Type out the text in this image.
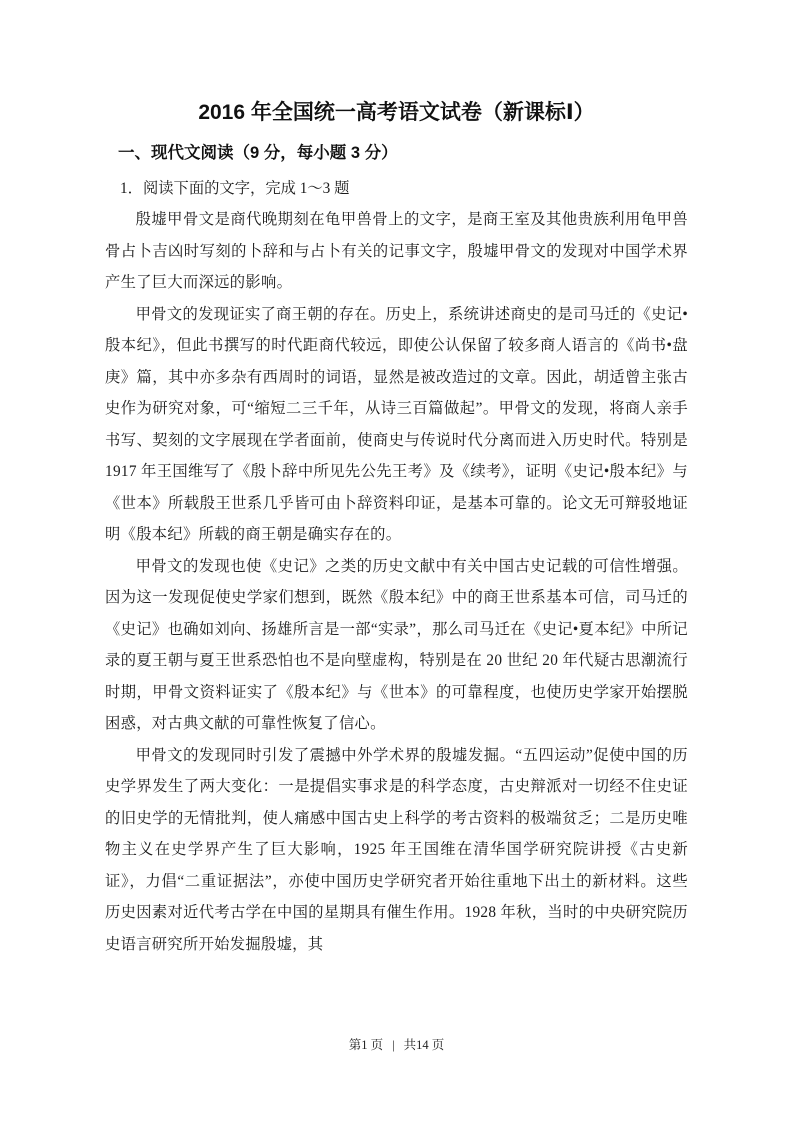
2016 年全国统一高考语文试卷（新课标Ⅰ）
一、现代文阅读（9 分，每小题 3 分）
1．阅读下面的文字，完成 1～3 题

殷墟甲骨文是商代晚期刻在龟甲兽骨上的文字，是商王室及其他贵族利用龟甲兽骨占卜吉凶时写刻的卜辞和与占卜有关的记事文字，殷墟甲骨文的发现对中国学术界产生了巨大而深远的影响。

甲骨文的发现证实了商王朝的存在。历史上，系统讲述商史的是司马迁的《史记•殷本纪》，但此书撰写的时代距商代较远，即使公认保留了较多商人语言的《尚书•盘庚》篇，其中亦多杂有西周时的词语，显然是被改造过的文章。因此，胡适曾主张古史作为研究对象，可“缩短二三千年，从诗三百篇做起”。甲骨文的发现，将商人亲手书写、契刻的文字展现在学者面前，使商史与传说时代分离而进入历史时代。特别是 1917 年王国维写了《殷卜辞中所见先公先王考》及《续考》，证明《史记•殷本纪》与《世本》所载殷王世系几乎皆可由卜辞资料印证，是基本可靠的。论文无可辩驳地证明《殷本纪》所载的商王朝是确实存在的。

甲骨文的发现也使《史记》之类的历史文献中有关中国古史记载的可信性增强。因为这一发现促使史学家们想到，既然《殷本纪》中的商王世系基本可信，司马迁的《史记》也确如刘向、扬雄所言是一部“实录”，那么司马迁在《史记•夏本纪》中所记录的夏王朝与夏王世系恐怕也不是向壁虚构，特别是在 20 世纪 20 年代疑古思潮流行时期，甲骨文资料证实了《殷本纪》与《世本》的可靠程度，也使历史学家开始摆脱困惑，对古典文献的可靠性恢复了信心。

甲骨文的发现同时引发了震撼中外学术界的殷墟发掘。“五四运动”促使中国的历史学界发生了两大变化：一是提倡实事求是的科学态度，古史辩派对一切经不住史证的旧史学的无情批判，使人痛感中国古史上科学的考古资料的极端贫乏；二是历史唯物主义在史学界产生了巨大影响，1925 年王国维在清华国学研究院讲授《古史新证》，力倡“二重证据法”，亦使中国历史学研究者开始往重地下出土的新材料。这些历史因素对近代考古学在中国的星期具有催生作用。1928 年秋，当时的中央研究院历史语言研究所开始发掘殷墟，其

第1 页 | 共14 页
